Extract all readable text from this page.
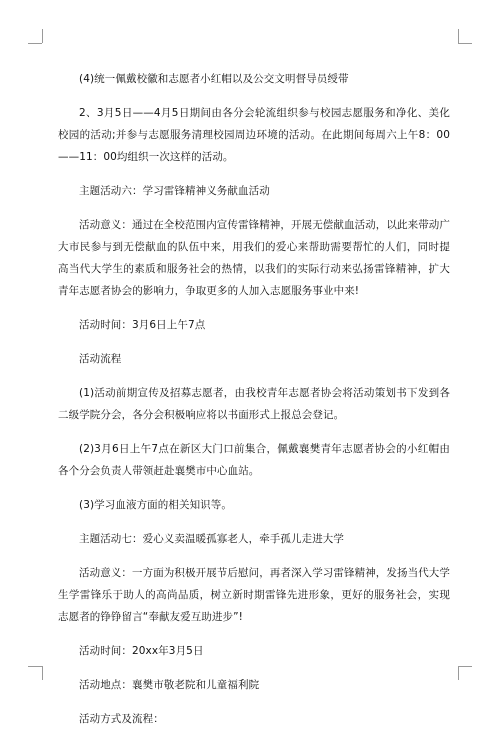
(4)统一佩戴校徽和志愿者小红帽以及公交文明督导员绶带

2、3月5日——4月5日期间由各分会轮流组织参与校园志愿服务和净化、美化校园的活动;并参与志愿服务清理校园周边环境的活动。在此期间每周六上午8：00——11：00均组织一次这样的活动。

主题活动六：学习雷锋精神义务献血活动

活动意义：通过在全校范围内宣传雷锋精神，开展无偿献血活动，以此来带动广大市民参与到无偿献血的队伍中来，用我们的爱心来帮助需要帮忙的人们，同时提高当代大学生的素质和服务社会的热情，以我们的实际行动来弘扬雷锋精神，扩大青年志愿者协会的影响力，争取更多的人加入志愿服务事业中来!

活动时间：3月6日上午7点

活动流程

(1)活动前期宣传及招募志愿者，由我校青年志愿者协会将活动策划书下发到各二级学院分会，各分会积极响应将以书面形式上报总会登记。

(2)3月6日上午7点在新区大门口前集合，佩戴襄樊青年志愿者协会的小红帽由各个分会负责人带领赶赴襄樊市中心血站。

(3)学习血液方面的相关知识等。

主题活动七：爱心义卖温暖孤寡老人，牵手孤儿走进大学

活动意义：一方面为积极开展节后慰问，再者深入学习雷锋精神，发扬当代大学生学雷锋乐于助人的高尚品质，树立新时期雷锋先进形象，更好的服务社会，实现志愿者的铮铮留言“奉献友爱互助进步”!

活动时间：20xx年3月5日

活动地点：襄樊市敬老院和儿童福利院

活动方式及流程：
